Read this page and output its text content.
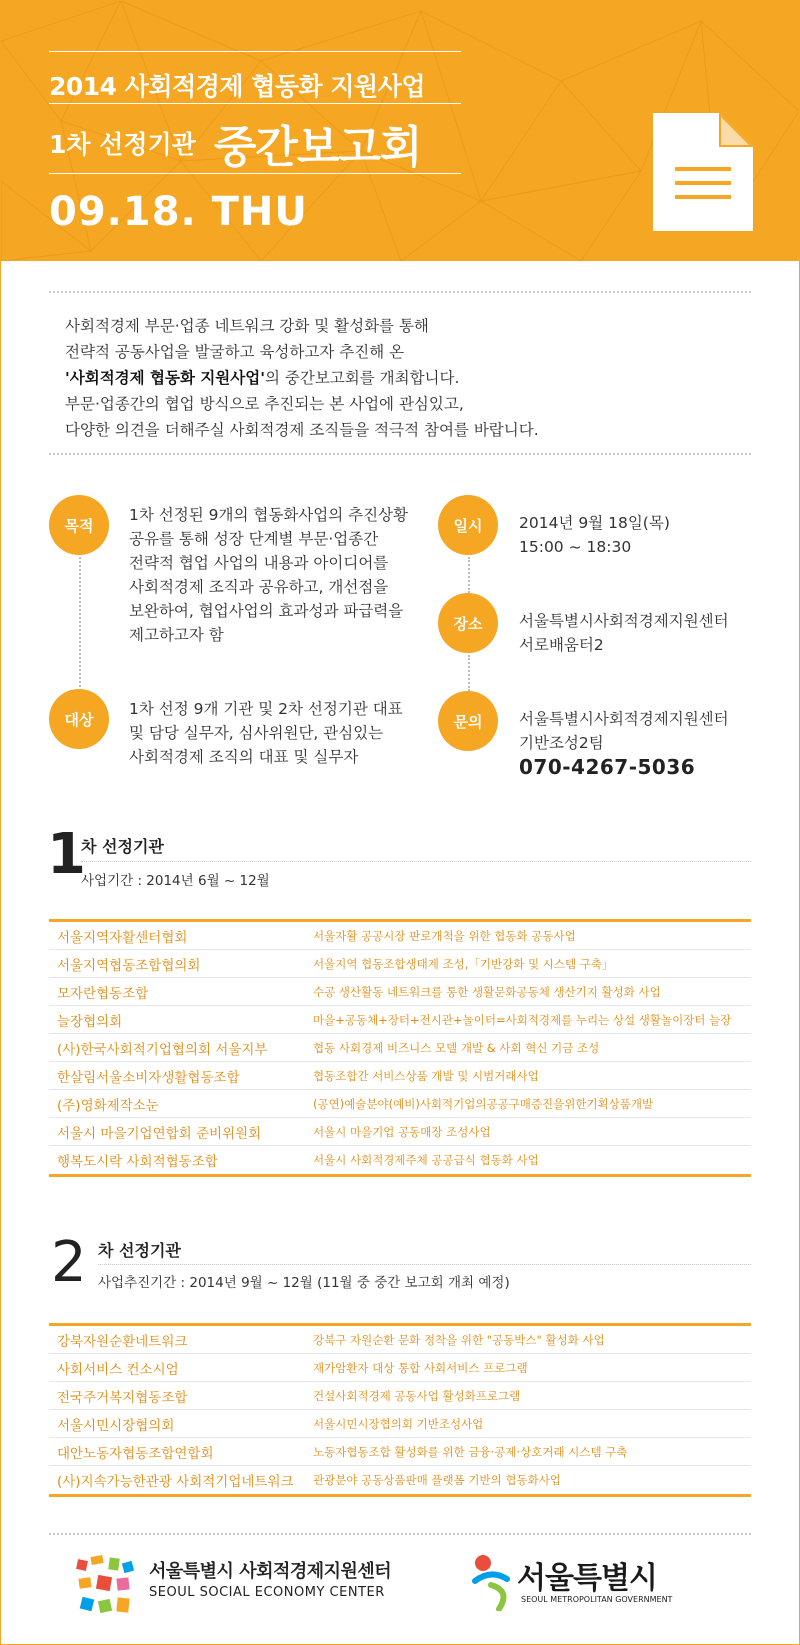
2014 사회적경제 협동화 지원사업
1차 선정기관 중간보고회
09.18. THU
사회적경제 부문·업종 네트워크 강화 및 활성화를 통해
전략적 공동사업을 발굴하고 육성하고자 추진해 온
'사회적경제 협동화 지원사업'의 중간보고회를 개최합니다.
부문·업종간의 협업 방식으로 추진되는 본 사업에 관심있고,
다양한 의견을 더해주실 사회적경제 조직들을 적극적 참여를 바랍니다.
목적
1차 선정된 9개의 협동화사업의 추진상황
공유를 통해 성장 단계별 부문·업종간
전략적 협업 사업의 내용과 아이디어를
사회적경제 조직과 공유하고, 개선점을
보완하여, 협업사업의 효과성과 파급력을
제고하고자 함
대상
1차 선정 9개 기관 및 2차 선정기관 대표
및 담당 실무자, 심사위원단, 관심있는
사회적경제 조직의 대표 및 실무자
일시	2014년 9월 18일(목)
15:00 ~ 18:30
장소	서울특별시사회적경제지원센터
서로배움터2
문의	서울특별시사회적경제지원센터
기반조성2팀
070-4267-5036
1
차 선정기관
사업기간 : 2014년 6월 ~ 12월
서울지역자활센터협회	서울자활 공공시장 판로개척을 위한 협동화 공동사업
서울지역협동조합협의회	서울지역 협동조합생태계 조성,「기반강화 및 시스템 구축」
모자란협동조합	수공 생산활동 네트워크를 통한 생활문화공동체 생산기지 활성화 사업
늘장협의회	마을+공동체+장터+전시관+놀이터=사회적경제를 누리는 상설 생활놀이장터 늘장
(사)한국사회적기업협의회 서울지부	협동 사회경제 비즈니스 모델 개발 & 사회 혁신 기금 조성
한살림서울소비자생활협동조합	협동조합간 서비스상품 개발 및 시범거래사업
(주)영화제작소눈	(공연)예술분야(예비)사회적기업의공공구매증진을위한기획상품개발
서울시 마을기업연합회 준비위원회	서울시 마을기업 공동매장 조성사업
행복도시락 사회적협동조합	서울시 사회적경제주체 공공급식 협동화 사업
2 차 선정기관
사업추진기간 : 2014년 9월 ~ 12월 (11월 중 중간 보고회 개최 예정)
강북자원순환네트워크	강북구 자원순환 문화 정착을 위한 "공동박스" 활성화 사업
사회서비스 컨소시엄	재가암환자 대상 통합 사회서비스 프로그램
전국주거복지협동조합	건설사회적경제 공동사업 활성화프로그램
서울시민시장협의회	서울시민시장협의회 기반조성사업
대안노동자협동조합연합회	노동자협동조합 활성화를 위한 금융·공제·상호거래 시스템 구축
(사)지속가능한관광 사회적기업네트워크	관광분야 공동상품판매 플랫폼 기반의 협동화사업
서울특별시 사회적경제지원센터
SEOUL SOCIAL ECONOMY CENTER	서울특별시
SEOUL METROPOLITAN GOVERNMENT
